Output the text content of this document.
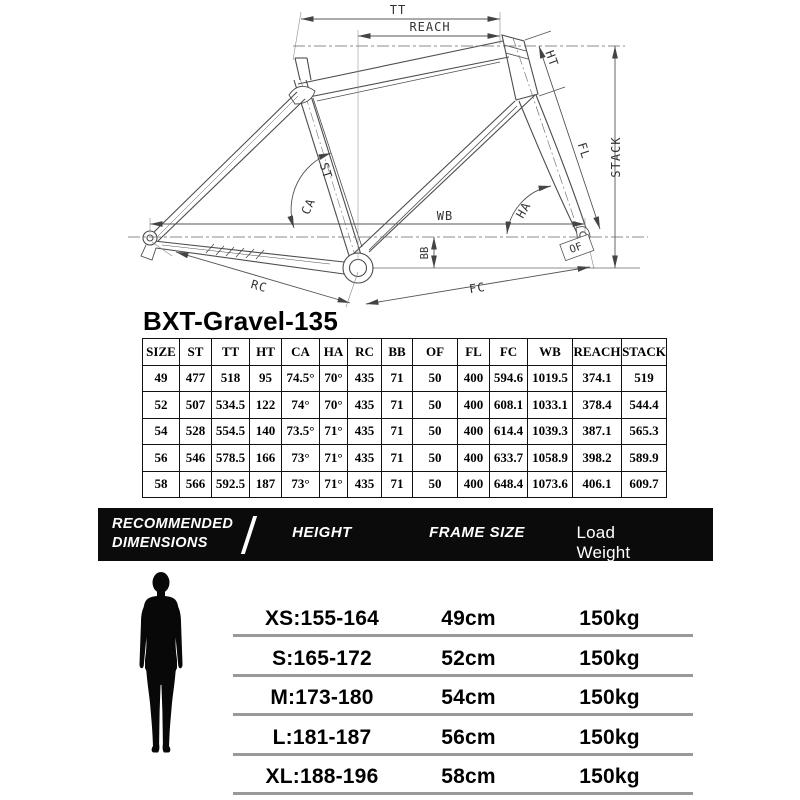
TT
REACH
HT
ST
CA	HA
WB
BB	OF
FL
FC
RC
STACK
BXT-Gravel-135
SIZE	ST	TT	HT	CA	HA	RC	BB	OF	FL	FC	WB	REACH	STACK
49	477	518	95	74.5°	70°	435	71	50	400	594.6	1019.5	374.1	519
52	507	534.5	122	74°	70°	435	71	50	400	608.1	1033.1	378.4	544.4
54	528	554.5	140	73.5°	71°	435	71	50	400	614.4	1039.3	387.1	565.3
56	546	578.5	166	73°	71°	435	71	50	400	633.7	1058.9	398.2	589.9
58	566	592.5	187	73°	71°	435	71	50	400	648.4	1073.6	406.1	609.7
RECOMMENDED
DIMENSIONS
HEIGHT	FRAME SIZE	Load Weight
XS:155-164	49cm	150kg
S:165-172	52cm	150kg
M:173-180	54cm	150kg
L:181-187	56cm	150kg
XL:188-196	58cm	150kg
